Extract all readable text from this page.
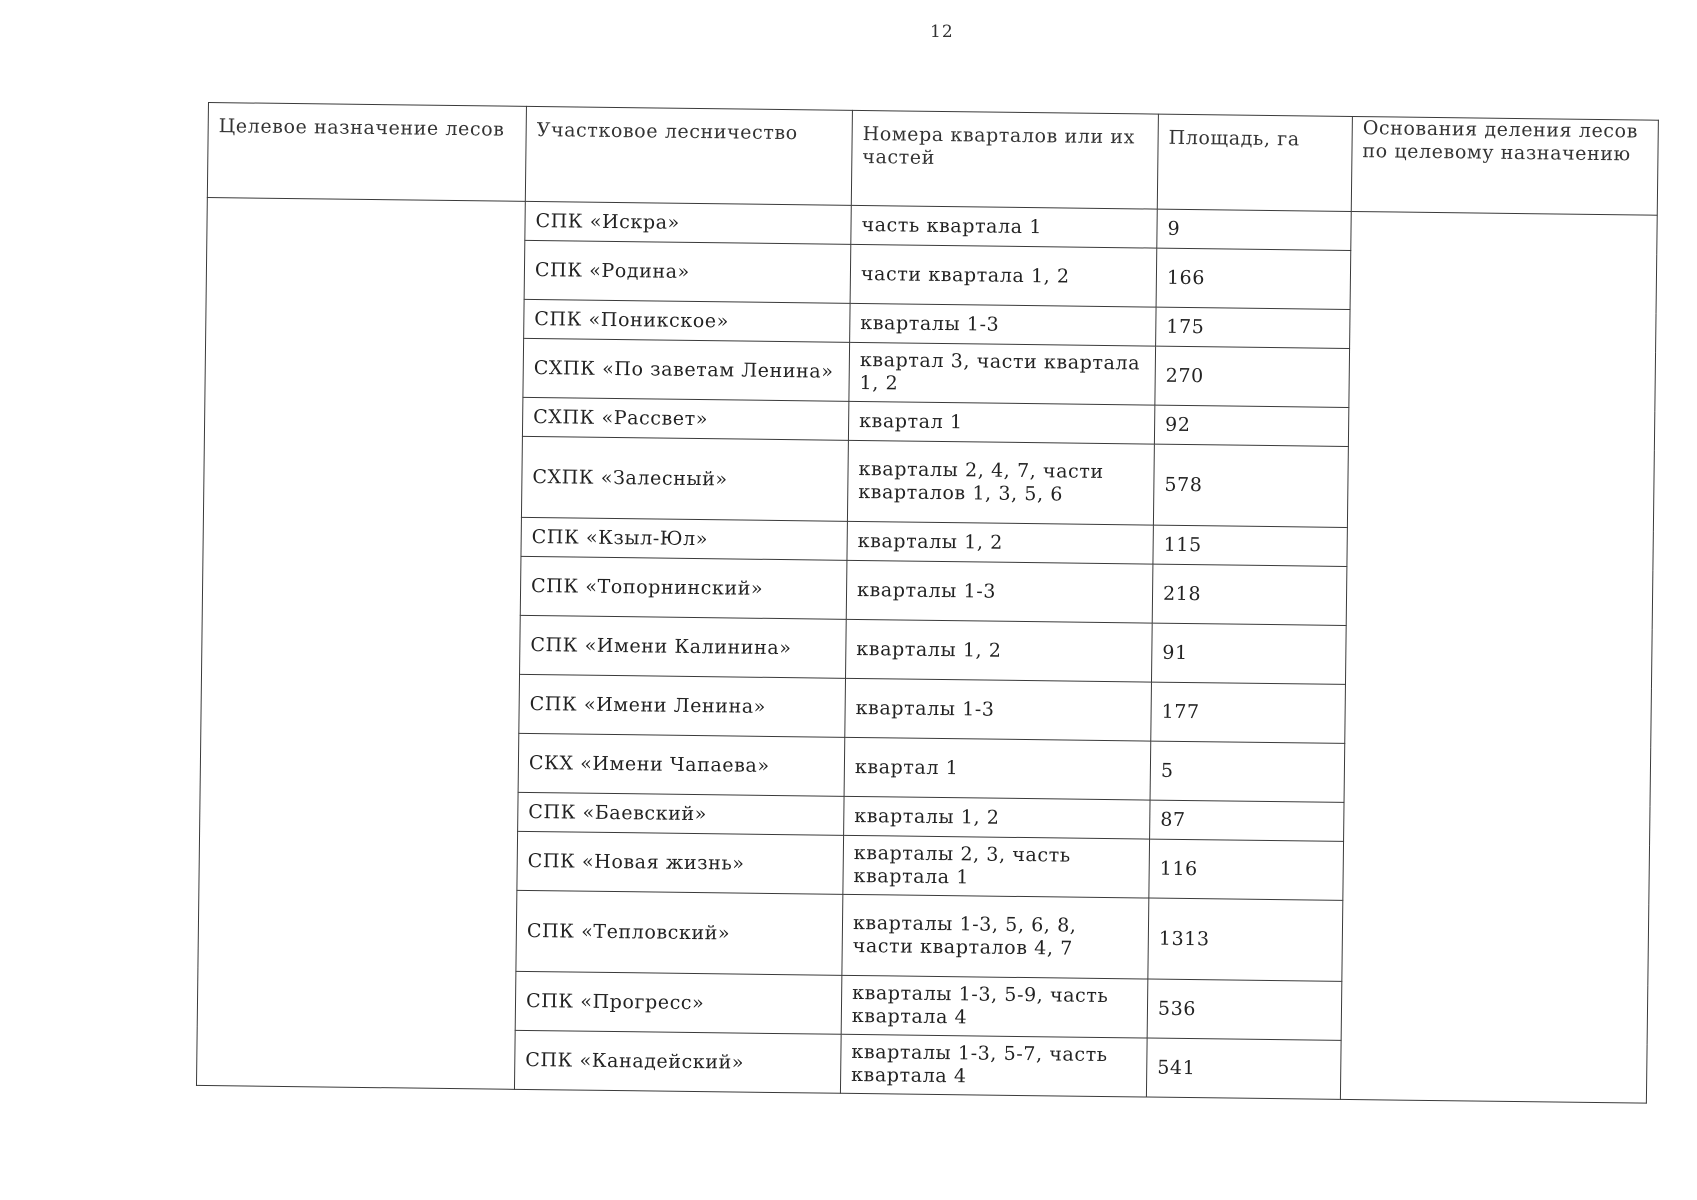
12
Целевое назначение лесов	Участковое лесничество	Номера кварталов или их частей	Площадь, га	Основания деления лесов по целевому назначению
	СПК «Искра»	часть квартала 1	9	
	СПК «Родина»	части квартала 1, 2	166	
	СПК «Поникское»	кварталы 1-3	175	
	СХПК «По заветам Ленина»	квартал 3, части квартала 1, 2	270	
	СХПК «Рассвет»	квартал 1	92	
	СХПК «Залесный»	кварталы 2, 4, 7, части кварталов 1, 3, 5, 6	578	
	СПК «Кзыл-Юл»	кварталы 1, 2	115	
	СПК «Топорнинский»	кварталы 1-3	218	
	СПК «Имени Калинина»	кварталы 1, 2	91	
	СПК «Имени Ленина»	кварталы 1-3	177	
	СКХ «Имени Чапаева»	квартал 1	5	
	СПК «Баевский»	кварталы 1, 2	87	
	СПК «Новая жизнь»	кварталы 2, 3, часть квартала 1	116	
	СПК «Тепловский»	кварталы 1-3, 5, 6, 8, части кварталов 4, 7	1313	
	СПК «Прогресс»	кварталы 1-3, 5-9, часть квартала 4	536	
	СПК «Канадейский»	кварталы 1-3, 5-7, часть квартала 4	541	
